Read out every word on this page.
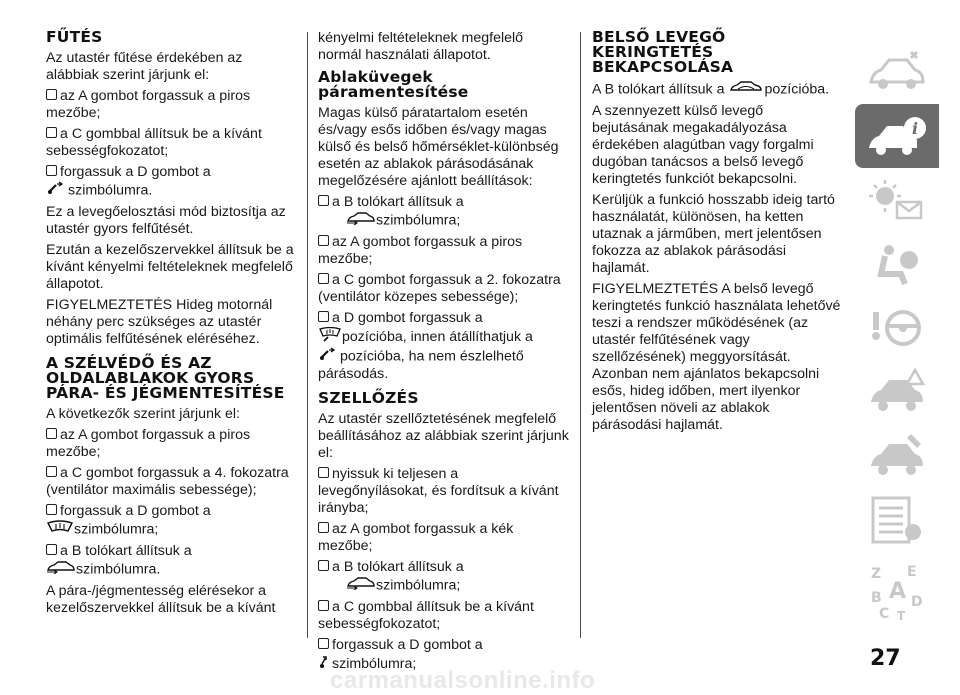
FŰTÉS

Az utastér fűtése érdekében az alábbiak szerint járjunk el:

az A gombot forgassuk a piros mezőbe;

a C gombbal állítsuk be a kívánt sebességfokozatot;

forgassuk a D gombot a
szimbólumra.

Ez a levegőelosztási mód biztosítja az utastér gyors felfűtését.

Ezután a kezelőszervekkel állítsuk be a kívánt kényelmi feltételeknek megfelelő állapotot.

FIGYELMEZTETÉS Hideg motornál néhány perc szükséges az utastér optimális felfűtésének eléréséhez.

A SZÉLVÉDŐ ÉS AZ OLDALABLAKOK GYORS PÁRA- ÉS JÉGMENTESÍTÉSE

A következők szerint járjunk el:

az A gombot forgassuk a piros mezőbe;

a C gombot forgassuk a 4. fokozatra (ventilátor maximális sebessége);

forgassuk a D gombot a
szimbólumra;

a B tolókart állítsuk a
szimbólumra.

A pára-/jégmentesség elérésekor a kezelőszervekkel állítsuk be a kívánt

kényelmi feltételeknek megfelelő normál használati állapotot.

Ablaküvegek páramentesítése

Magas külső páratartalom esetén és/vagy esős időben és/vagy magas külső és belső hőmérséklet-különbség esetén az ablakok párásodásának megelőzésére ajánlott beállítások:

a B tolókart állítsuk a
szimbólumra;

az A gombot forgassuk a piros mezőbe;

a C gombot forgassuk a 2. fokozatra (ventilátor közepes sebessége);

a D gombot forgassuk a
pozícióba, innen átállíthatjuk a
pozícióba, ha nem észlelhető párásodás.

SZELLŐZÉS

Az utastér szellőztetésének megfelelő beállításához az alábbiak szerint járjunk el:

nyissuk ki teljesen a levegőnyílásokat, és fordítsuk a kívánt irányba;

az A gombot forgassuk a kék mezőbe;

a B tolókart állítsuk a
szimbólumra;

a C gombbal állítsuk be a kívánt sebességfokozatot;

forgassuk a D gombot a
szimbólumra;

BELSŐ LEVEGŐ KERINGTETÉS BEKAPCSOLÁSA

A B tolókart állítsuk a	pozícióba.

A szennyezett külső levegő bejutásának megakadályozása érdekében alagútban vagy forgalmi dugóban tanácsos a belső levegő keringtetés funkciót bekapcsolni.

Kerüljük a funkció hosszabb ideig tartó használatát, különösen, ha ketten utaznak a járműben, mert jelentősen fokozza az ablakok párásodási hajlamát.

FIGYELMEZTETÉS A belső levegő keringtetés funkció használata lehetővé teszi a rendszer működésének (az utastér felfűtésének vagy szellőzésének) meggyorsítását. Azonban nem ajánlatos bekapcsolni esős, hideg időben, mert ilyenkor jelentősen növeli az ablakok párásodási hajlamát.

i
Z E
B A D
C T
27
carmanualsonline.info
